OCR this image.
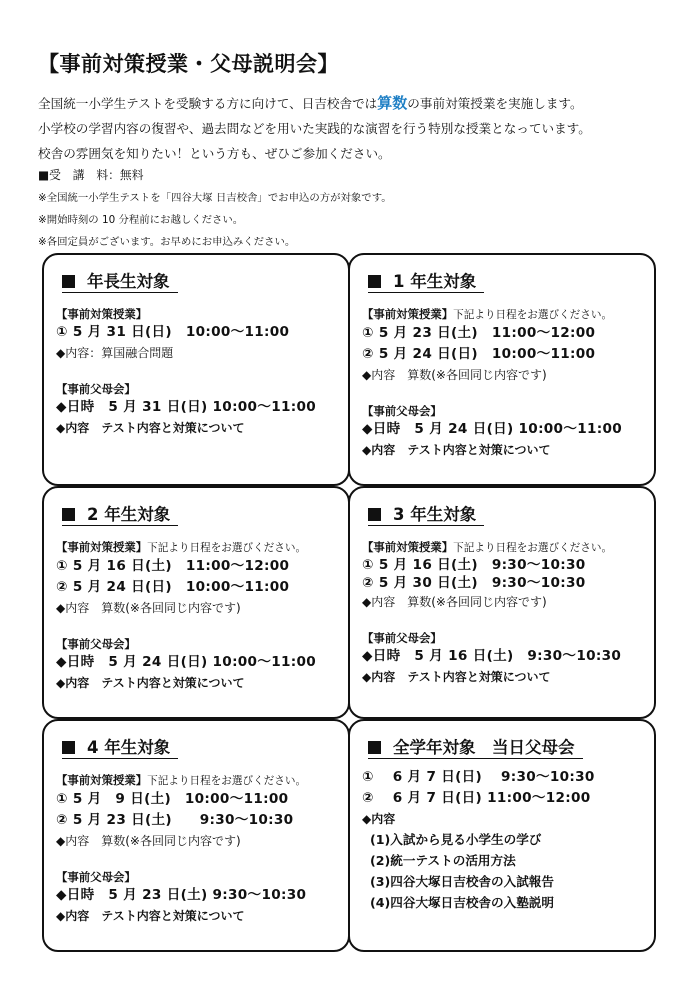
【事前対策授業・父母説明会】
全国統一小学生テストを受験する方に向けて、日吉校舎では算数の事前対策授業を実施します。
小学校の学習内容の復習や、過去問などを用いた実践的な演習を行う特別な授業となっています。
校舎の雰囲気を知りたい！という方も、ぜひご参加ください。
■受　講　料：無料
※全国統一小学生テストを「四谷大塚 日吉校舎」でお申込の方が対象です。
※開始時刻の 10 分程前にお越しください。
※各回定員がございます。お早めにお申込みください。
年長生対象
【事前対策授業】
① 5 月 31 日(日)　10:00〜11:00
◆内容：算国融合問題
【事前父母会】
◆日時　5 月 31 日(日) 10:00〜11:00
◆内容　テスト内容と対策について
1 年生対象
【事前対策授業】下記より日程をお選びください。
① 5 月 23 日(土)　11:00〜12:00
② 5 月 24 日(日)　10:00〜11:00
◆内容　算数(※各回同じ内容です)
【事前父母会】
◆日時　5 月 24 日(日) 10:00〜11:00
◆内容　テスト内容と対策について
2 年生対象
【事前対策授業】下記より日程をお選びください。
① 5 月 16 日(土)　11:00〜12:00
② 5 月 24 日(日)　10:00〜11:00
◆内容　算数(※各回同じ内容です)
【事前父母会】
◆日時　5 月 24 日(日) 10:00〜11:00
◆内容　テスト内容と対策について
3 年生対象
【事前対策授業】下記より日程をお選びください。
① 5 月 16 日(土)　9:30〜10:30
② 5 月 30 日(土)　9:30〜10:30
◆内容　算数(※各回同じ内容です)
【事前父母会】
◆日時　5 月 16 日(土)　9:30〜10:30
◆内容　テスト内容と対策について
4 年生対象
【事前対策授業】下記より日程をお選びください。
① 5 月　9 日(土)　10:00〜11:00
② 5 月 23 日(土)　　9:30〜10:30
◆内容　算数(※各回同じ内容です)
【事前父母会】
◆日時　5 月 23 日(土) 9:30〜10:30
◆内容　テスト内容と対策について
全学年対象　当日父母会
①　 6 月 7 日(日)　 9:30〜10:30
②　 6 月 7 日(日) 11:00〜12:00
◆内容
(1)入試から見る小学生の学び
(2)統一テストの活用方法
(3)四谷大塚日吉校舎の入試報告
(4)四谷大塚日吉校舎の入塾説明
